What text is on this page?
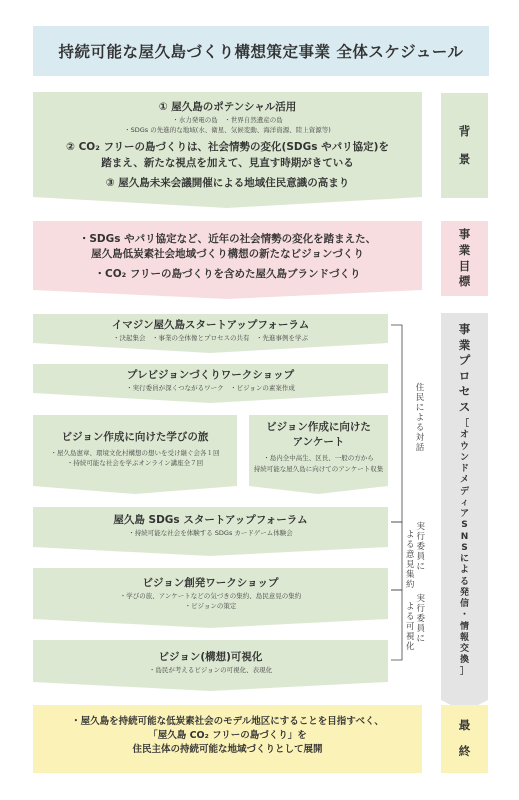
持続可能な屋久島づくり構想策定事業 全体スケジュール
① 屋久島のポテンシャル活用
・水力発電の島　・世界自然遺産の島
・SDGs の先進的な地域(水、衛星、気候変動、海洋資源、陸上資源等)
② CO₂ フリーの島づくりは、社会情勢の変化(SDGs やパリ協定)を
踏まえ、新たな視点を加えて、見直す時期がきている
③ 屋久島未来会議開催による地域住民意識の高まり
背
景
・SDGs やパリ協定など、近年の社会情勢の変化を踏まえた、
屋久島低炭素社会地域づくり構想の新たなビジョンづくり
・CO₂ フリーの島づくりを含めた屋久島ブランドづくり
事
業
目
標
イマジン屋久島スタートアップフォーラム
・決起集会　・事業の全体像とプロセスの共有　・先進事例を学ぶ
プレビジョンづくりワークショップ
・実行委員が深くつながるワーク　・ビジョンの素案作成
ビジョン作成に向けた学びの旅
・屋久島憲章、環境文化村構想の想いを受け継ぐ会各１回
・持続可能な社会を学ぶオンライン講座全７回
ビジョン作成に向けた
アンケート
・島内全中高生、区長、一般の方から
持続可能な屋久島に向けてのアンケート収集
屋久島 SDGs スタートアップフォーラム
・持続可能な社会を体験する SDGs カードゲーム体験会
ビジョン創発ワークショップ
・学びの旅、アンケートなどの気づきの集約、島民意見の集約
・ビジョンの策定
ビジョン(構想)可視化
・島民が考えるビジョンの可視化、表現化
住
民
に
よ
る
対
話
実
行
委
員
に
よ
る
意
見
集
約
実
行
委
員
に
よ
る
可
視
化
事
業
プ
ロ
セ
ス
［
オ
ウ
ン
ド
メ
デ
ィ
ア
S
N
S
に
よ
る
発
信
・
情
報
交
換
］
・屋久島を持続可能な低炭素社会のモデル地区にすることを目指すべく、
「屋久島 CO₂ フリーの島づくり」を
住民主体の持続可能な地域づくりとして展開
最
終
